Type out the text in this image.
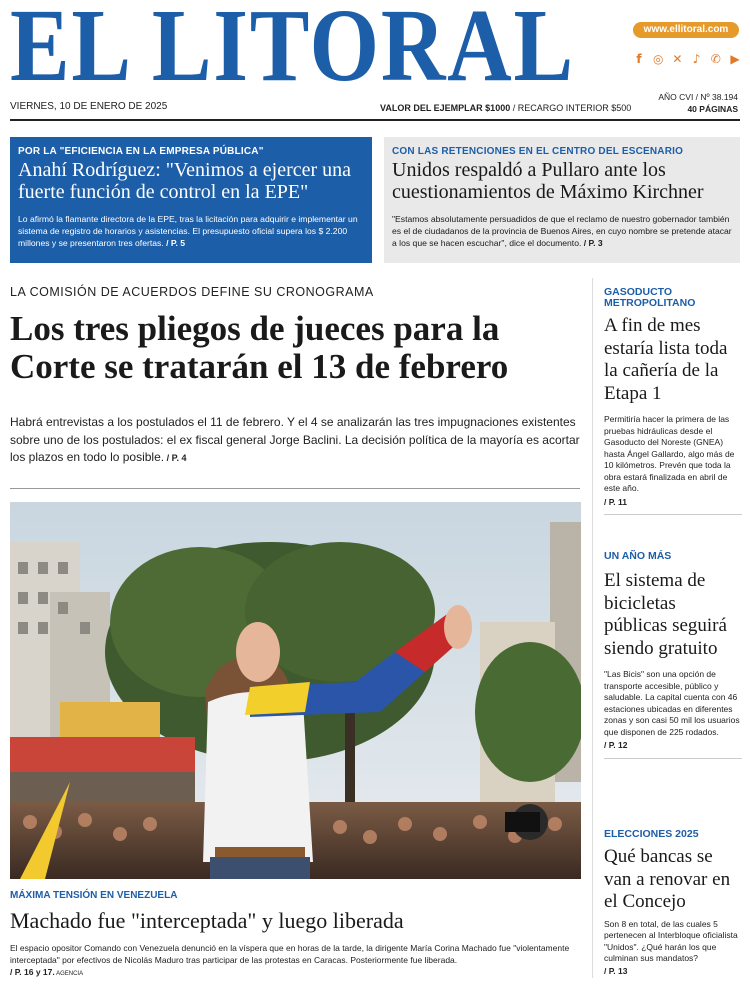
EL LITORAL	www.ellitoral.com
f ◎ ✕ ♪ ✆ ▶
VIERNES, 10 DE ENERO DE 2025	VALOR DEL EJEMPLAR $1000 / RECARGO INTERIOR $500
AÑO CVI / Nº 38.194
40 PÁGINAS
POR LA "EFICIENCIA EN LA EMPRESA PÚBLICA"
Anahí Rodríguez: "Venimos a ejercer una fuerte función de control en la EPE"
Lo afirmó la flamante directora de la EPE, tras la licitación para adquirir e implementar un sistema de registro de horarios y asistencias. El presupuesto oficial supera los $ 2.200 millones y se presentaron tres ofertas. / P. 5
CON LAS RETENCIONES EN EL CENTRO DEL ESCENARIO
Unidos respaldó a Pullaro ante los cuestionamientos de Máximo Kirchner
"Estamos absolutamente persuadidos de que el reclamo de nuestro gobernador también es el de ciudadanos de la provincia de Buenos Aires, en cuyo nombre se pretende atacar a los que se hacen escuchar", dice el documento. / P. 3
LA COMISIÓN DE ACUERDOS DEFINE SU CRONOGRAMA
Los tres pliegos de jueces para la Corte se tratarán el 13 de febrero
Habrá entrevistas a los postulados el 11 de febrero. Y el 4 se analizarán las tres impugnaciones existentes sobre uno de los postulados: el ex fiscal general Jorge Baclini. La decisión política de la mayoría es acortar los plazos en todo lo posible. / P. 4
MÁXIMA TENSIÓN EN VENEZUELA
Machado fue "interceptada" y luego liberada
El espacio opositor Comando con Venezuela denunció en la víspera que en horas de la tarde, la dirigente María Corina Machado fue "violentamente interceptada" por efectivos de Nicolás Maduro tras participar de las protestas en Caracas. Posteriormente fue liberada.
/ P. 16 y 17. AGENCIA
GASODUCTO METROPOLITANO
A fin de mes estaría lista toda la cañería de la Etapa 1
Permitiría hacer la primera de las pruebas hidráulicas desde el Gasoducto del Noreste (GNEA) hasta Ángel Gallardo, algo más de 10 kilómetros. Prevén que toda la obra estará finalizada en abril de este año.
/ P. 11
UN AÑO MÁS
El sistema de bicicletas públicas seguirá siendo gratuito
"Las Bicis" son una opción de transporte accesible, público y saludable. La capital cuenta con 46 estaciones ubicadas en diferentes zonas y son casi 50 mil los usuarios que disponen de 225 rodados.
/ P. 12
ELECCIONES 2025
Qué bancas se van a renovar en el Concejo
Son 8 en total, de las cuales 5 pertenecen al Interbloque oficialista "Unidos". ¿Qué harán los que culminan sus mandatos?
/ P. 13
